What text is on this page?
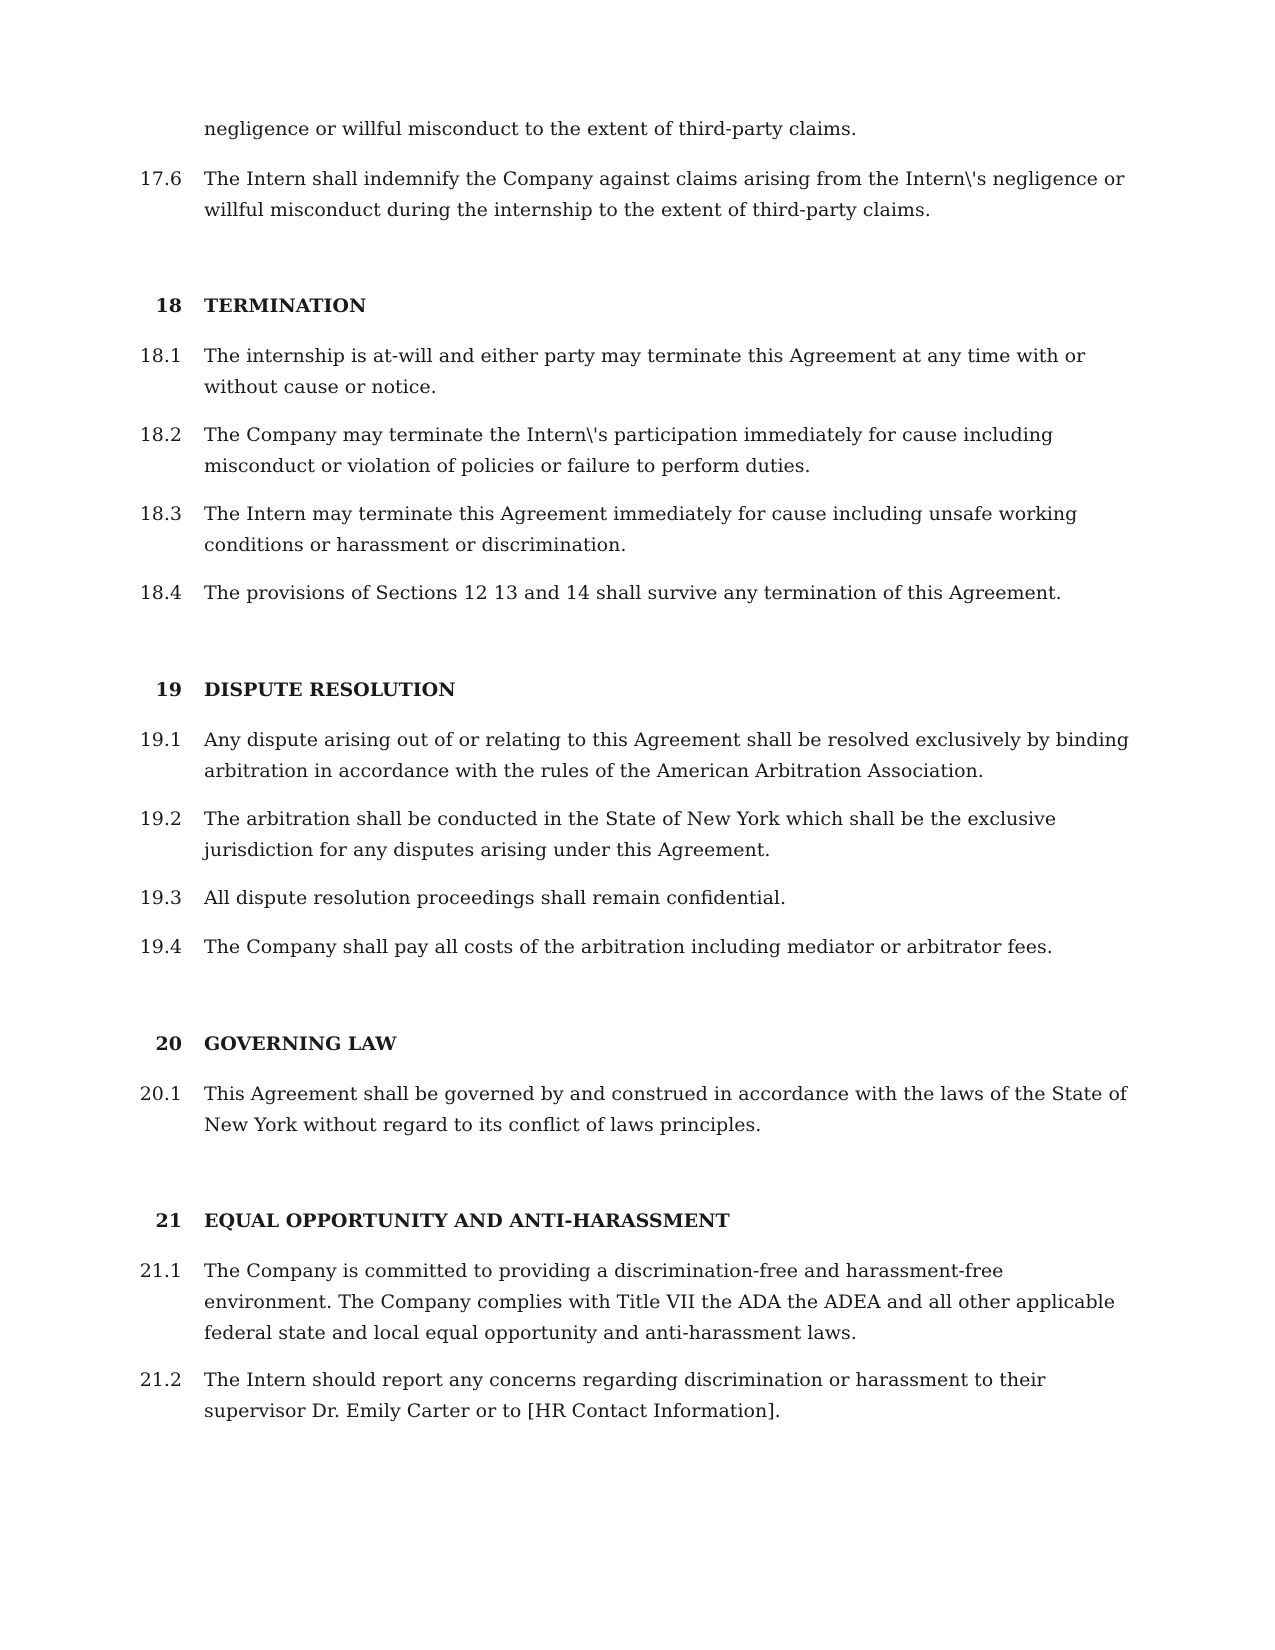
negligence or willful misconduct to the extent of third-party claims.
17.6 The Intern shall indemnify the Company against claims arising from the Intern\'s negligence or willful misconduct during the internship to the extent of third-party claims.
18 TERMINATION
18.1 The internship is at-will and either party may terminate this Agreement at any time with or without cause or notice.
18.2 The Company may terminate the Intern\'s participation immediately for cause including misconduct or violation of policies or failure to perform duties.
18.3 The Intern may terminate this Agreement immediately for cause including unsafe working conditions or harassment or discrimination.
18.4 The provisions of Sections 12 13 and 14 shall survive any termination of this Agreement.
19 DISPUTE RESOLUTION
19.1 Any dispute arising out of or relating to this Agreement shall be resolved exclusively by binding arbitration in accordance with the rules of the American Arbitration Association.
19.2 The arbitration shall be conducted in the State of New York which shall be the exclusive jurisdiction for any disputes arising under this Agreement.
19.3 All dispute resolution proceedings shall remain confidential.
19.4 The Company shall pay all costs of the arbitration including mediator or arbitrator fees.
20 GOVERNING LAW
20.1 This Agreement shall be governed by and construed in accordance with the laws of the State of New York without regard to its conflict of laws principles.
21 EQUAL OPPORTUNITY AND ANTI-HARASSMENT
21.1 The Company is committed to providing a discrimination-free and harassment-free environment. The Company complies with Title VII the ADA the ADEA and all other applicable federal state and local equal opportunity and anti-harassment laws.
21.2 The Intern should report any concerns regarding discrimination or harassment to their supervisor Dr. Emily Carter or to [HR Contact Information].
